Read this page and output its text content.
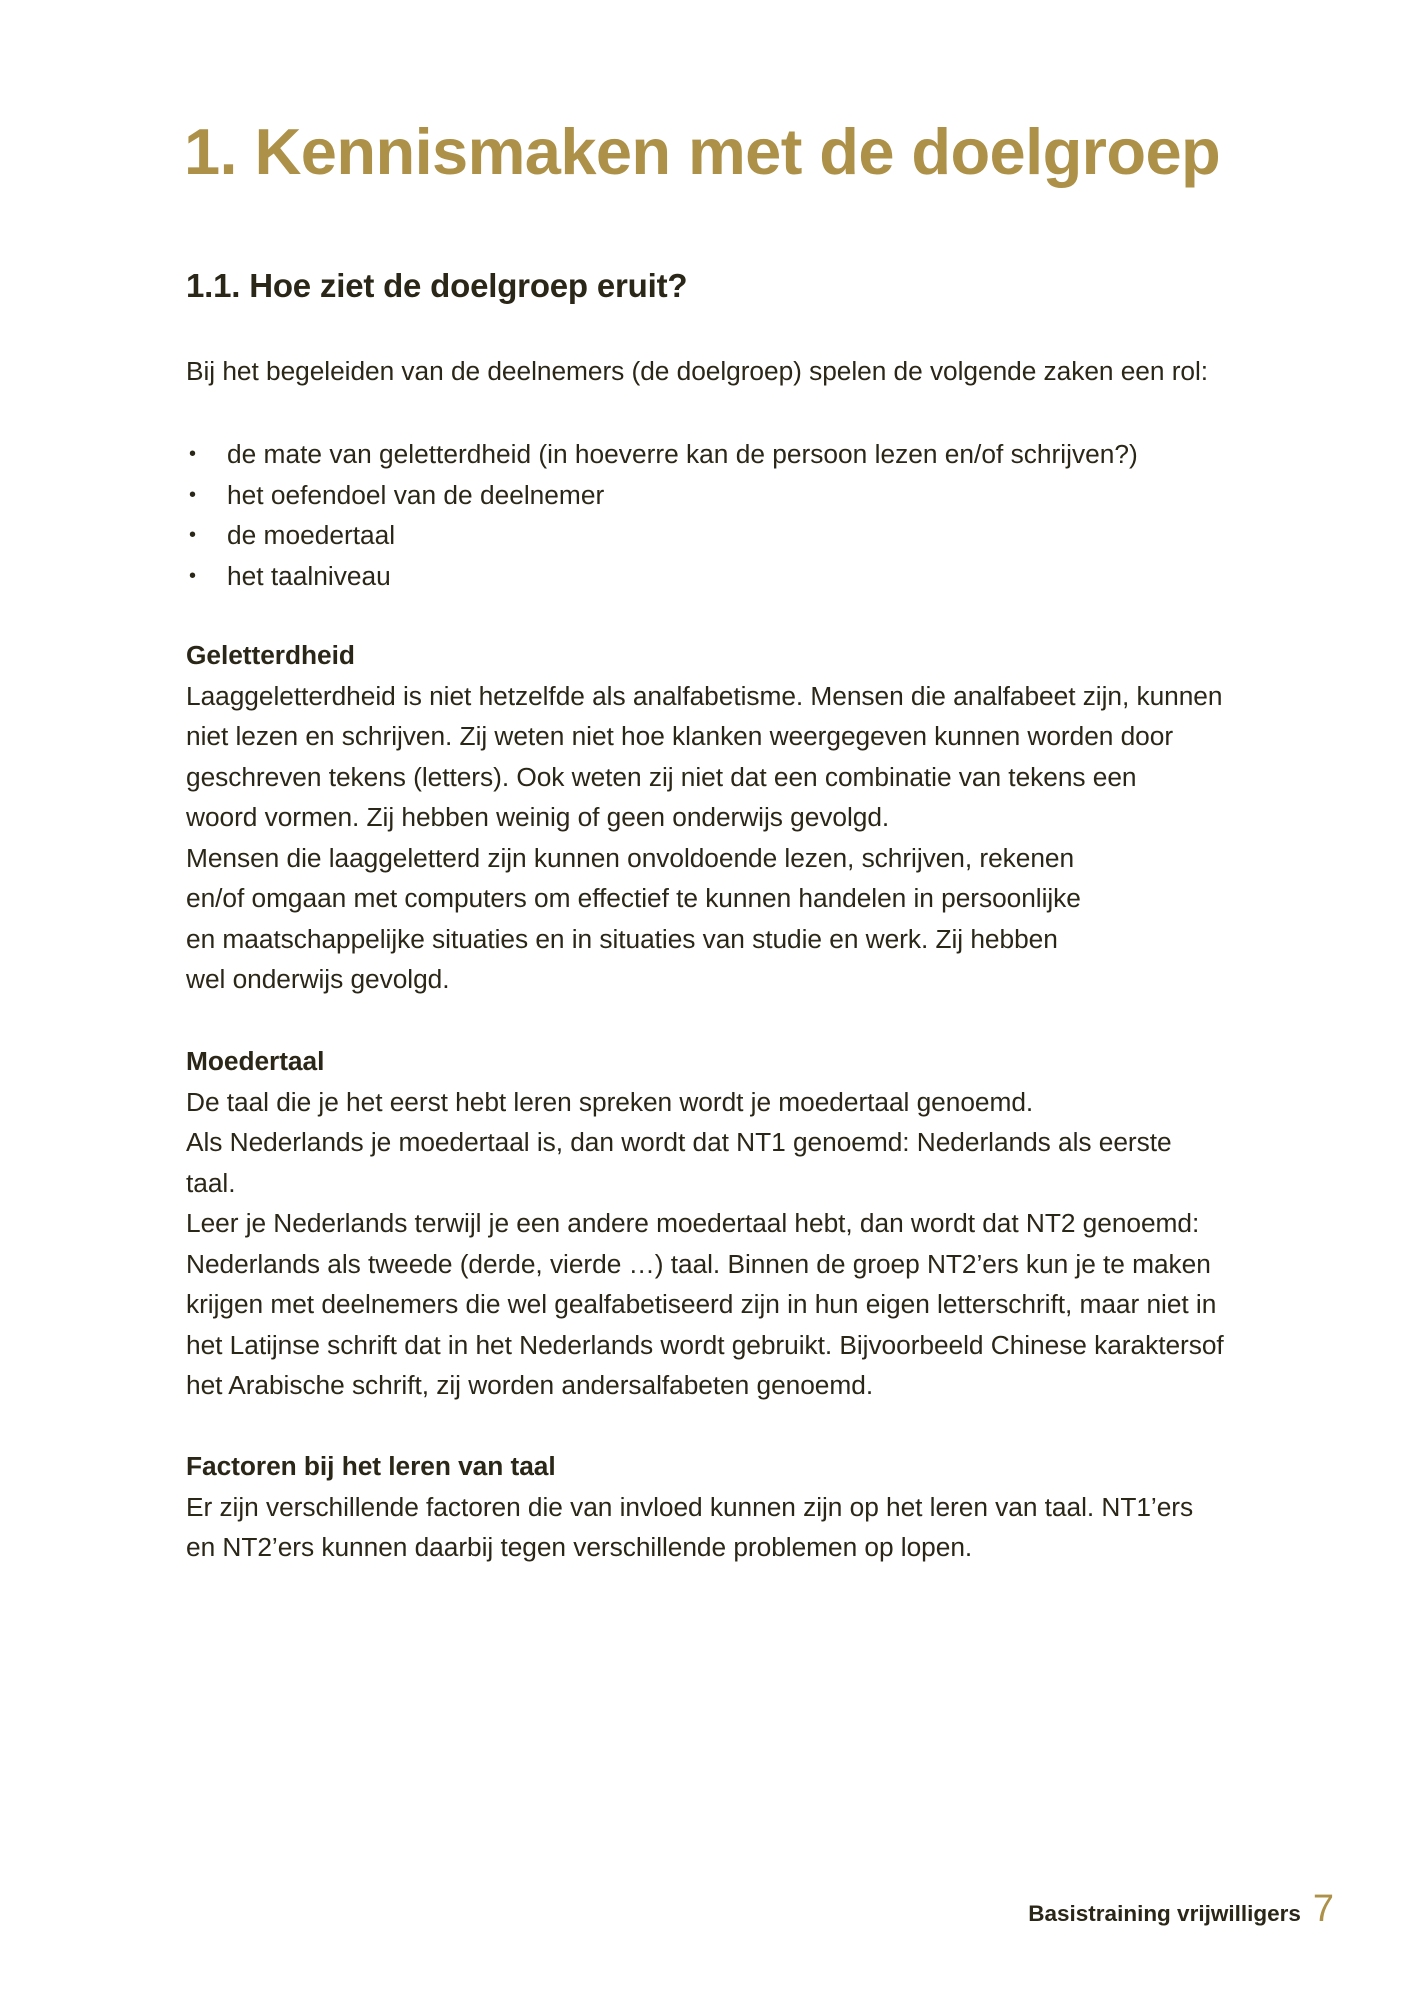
1. Kennismaken met de doelgroep
1.1. Hoe ziet de doelgroep eruit?

Bij het begeleiden van de deelnemers (de doelgroep) spelen de volgende zaken een rol:

• de mate van geletterdheid (in hoeverre kan de persoon lezen en/of schrijven?)
• het oefendoel van de deelnemer
• de moedertaal
• het taalniveau
Geletterdheid
Laaggeletterdheid is niet hetzelfde als analfabetisme. Mensen die analfabeet zijn, kunnen
niet lezen en schrijven. Zij weten niet hoe klanken weergegeven kunnen worden door
geschreven tekens (letters). Ook weten zij niet dat een combinatie van tekens een
woord vormen. Zij hebben weinig of geen onderwijs gevolgd.
Mensen die laaggeletterd zijn kunnen onvoldoende lezen, schrijven, rekenen
en/of omgaan met computers om effectief te kunnen handelen in persoonlijke
en maatschappelijke situaties en in situaties van studie en werk. Zij hebben
wel onderwijs gevolgd.
Moedertaal
De taal die je het eerst hebt leren spreken wordt je moedertaal genoemd.
Als Nederlands je moedertaal is, dan wordt dat NT1 genoemd: Nederlands als eerste
taal.
Leer je Nederlands terwijl je een andere moedertaal hebt, dan wordt dat NT2 genoemd:
Nederlands als tweede (derde, vierde …) taal. Binnen de groep NT2’ers kun je te maken
krijgen met deelnemers die wel gealfabetiseerd zijn in hun eigen letterschrift, maar niet in
het Latijnse schrift dat in het Nederlands wordt gebruikt. Bijvoorbeeld Chinese karaktersof
het Arabische schrift, zij worden andersalfabeten genoemd.
Factoren bij het leren van taal
Er zijn verschillende factoren die van invloed kunnen zijn op het leren van taal. NT1’ers
en NT2’ers kunnen daarbij tegen verschillende problemen op lopen.
Basistraining vrijwilligers 7
